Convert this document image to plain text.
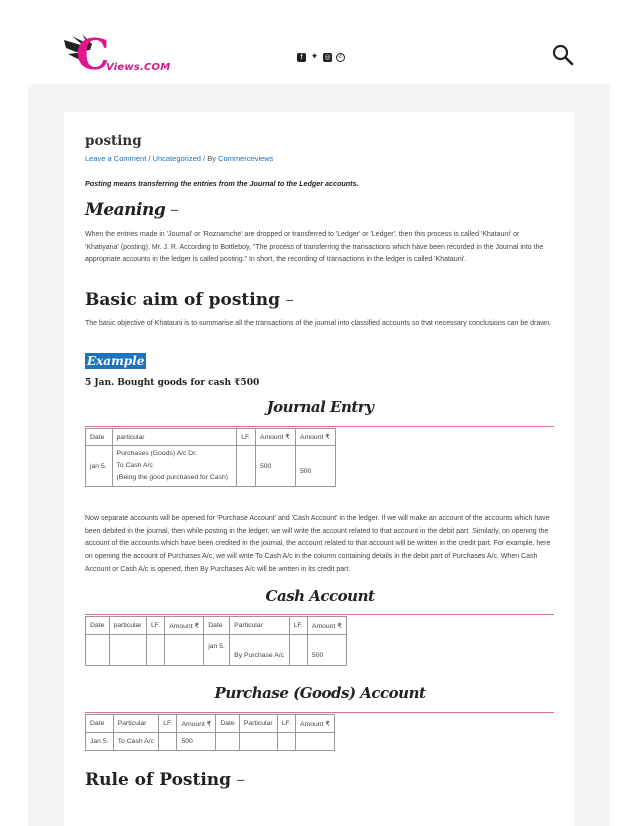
C
Views.COM
f ✦ ◎	✆
posting
Leave a Comment / Uncategorized / By Commerceviews
Posting means transferring the entries from the Journal to the Ledger accounts.
Meaning –
When the entries made in 'Journal' or 'Roznamche' are dropped or transferred to 'Ledger' or 'Ledger', then this process is called 'Khatauni' or 'Khatiyana' (posting). Mr. J. R. According to Bottleboy, "The process of transferring the transactions which have been recorded in the Journal into the appropriate accounts in the ledger is called posting." In short, the recording of transactions in the ledger is called 'Khatauni'.
Basic aim of posting –
The basic objective of Khatauni is to summarise all the transactions of the journal into classified accounts so that necessary conclusions can be drawn.
Example
5 Jan. Bought goods for cash ₹500
Journal Entry
Date	particular	LF.	Amount ₹	Amount ₹
jan 5.	Purchases (Goods) A/c Dr.
To Cash A/c
(Being the good purchased for Cash)		500	500
Now separate accounts will be opened for 'Purchase Account' and 'Cash Account' in the ledger. If we will make an account of the accounts which have been debited in the journal, then while posting in the ledger, we will write the account related to that account in the debit part. Similarly, on opening the account of the accounts which have been credited in the journal, the account related to that account will be written in the credit part. For example, here on opening the account of Purchases A/c, we will write To Cash A/c in the column containing details in the debit part of Purchases A/c. When Cash Account or Cash A/c is opened, then By Purchases A/c will be written in its credit part.
Cash Account
Date	particular	LF.	Amount ₹	Date	Particular	LF.	Amount ₹
				jan 5.	By Purchase A/c		500
Purchase (Goods) Account
Date	Particular	LF.	Amount ₹	Date	Particular	LF.	Amount ₹
Jan 5.	To Cash A/c		500				
Rule of Posting –
